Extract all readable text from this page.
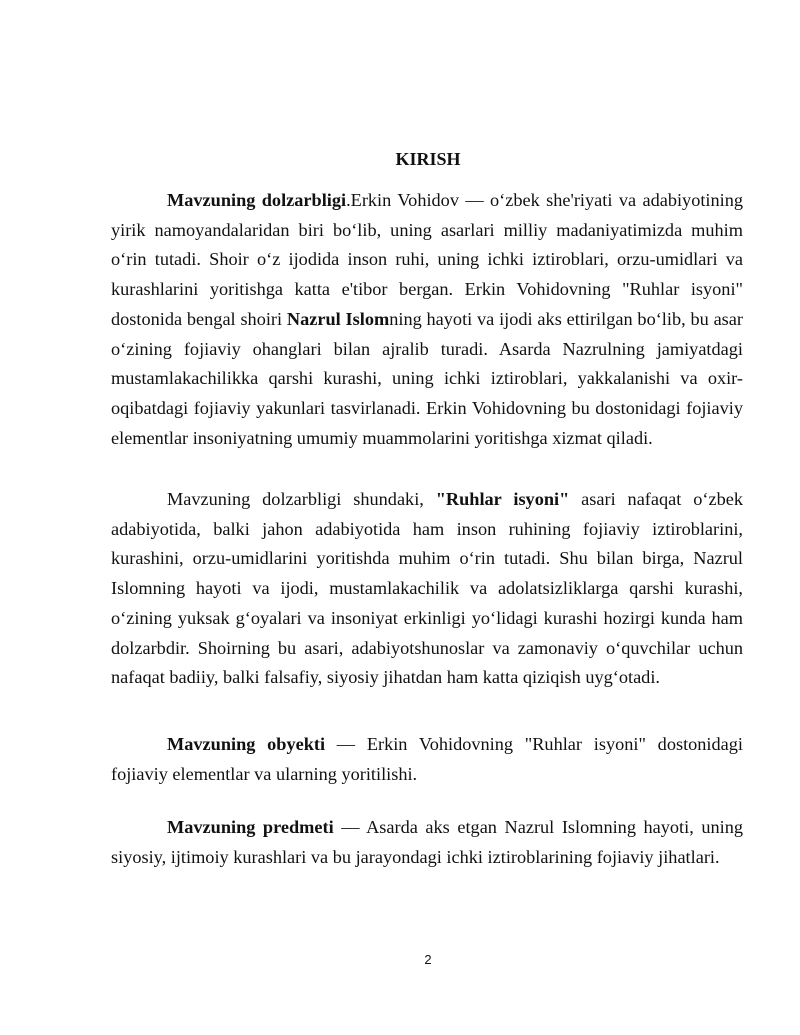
KIRISH

Mavzuning dolzarbligi.Erkin Vohidov — oʻzbek she'riyati va adabiyotining yirik namoyandalaridan biri boʻlib, uning asarlari milliy madaniyatimizda muhim oʻrin tutadi. Shoir oʻz ijodida inson ruhi, uning ichki iztiroblari, orzu-umidlari va kurashlarini yoritishga katta e'tibor bergan. Erkin Vohidovning "Ruhlar isyoni" dostonida bengal shoiri Nazrul Islomning hayoti va ijodi aks ettirilgan boʻlib, bu asar oʻzining fojiaviy ohanglari bilan ajralib turadi. Asarda Nazrulning jamiyatdagi mustamlakachilikka qarshi kurashi, uning ichki iztiroblari, yakkalanishi va oxir-oqibatdagi fojiaviy yakunlari tasvirlanadi. Erkin Vohidovning bu dostonidagi fojiaviy elementlar insoniyatning umumiy muammolarini yoritishga xizmat qiladi.

Mavzuning dolzarbligi shundaki, "Ruhlar isyoni" asari nafaqat oʻzbek adabiyotida, balki jahon adabiyotida ham inson ruhining fojiaviy iztiroblarini, kurashini, orzu-umidlarini yoritishda muhim oʻrin tutadi. Shu bilan birga, Nazrul Islomning hayoti va ijodi, mustamlakachilik va adolatsizliklarga qarshi kurashi, oʻzining yuksak gʻoyalari va insoniyat erkinligi yoʻlidagi kurashi hozirgi kunda ham dolzarbdir. Shoirning bu asari, adabiyotshunoslar va zamonaviy oʻquvchilar uchun nafaqat badiiy, balki falsafiy, siyosiy jihatdan ham katta qiziqish uygʻotadi.

Mavzuning obyekti — Erkin Vohidovning "Ruhlar isyoni" dostonidagi fojiaviy elementlar va ularning yoritilishi.

Mavzuning predmeti — Asarda aks etgan Nazrul Islomning hayoti, uning siyosiy, ijtimoiy kurashlari va bu jarayondagi ichki iztiroblarining fojiaviy jihatlari.

2
